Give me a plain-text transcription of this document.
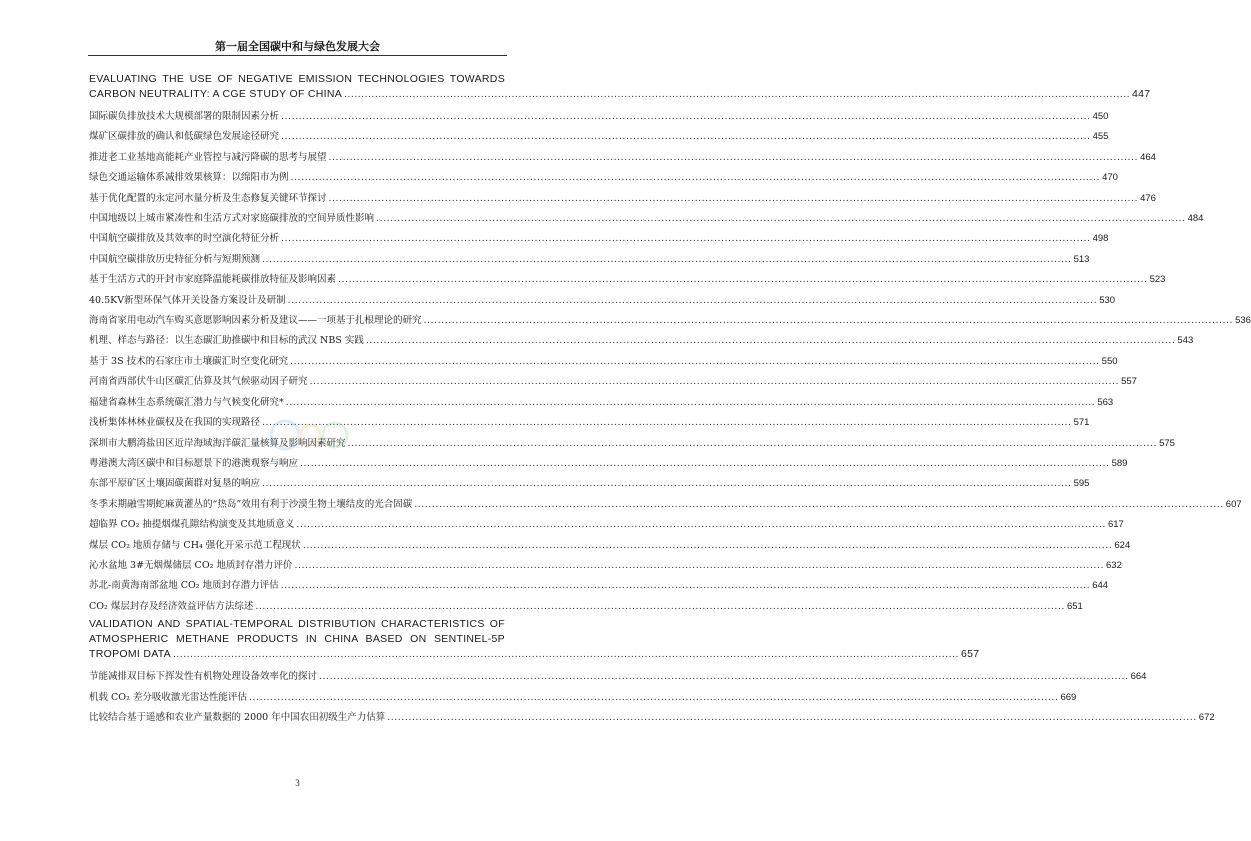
第一届全国碳中和与绿色发展大会
EVALUATING THE USE OF NEGATIVE EMISSION TECHNOLOGIES TOWARDS
CARBON NEUTRALITY: A CGE STUDY OF CHINA .....	447
国际碳负排放技术大规模部署的限制因素分析 .....	450
煤矿区碳排放的确认和低碳绿色发展途径研究 .....	455
推进老工业基地高能耗产业管控与减污降碳的思考与展望 .....	464
绿色交通运输体系减排效果核算：以绵阳市为例 .....	470
基于优化配置的永定河水量分析及生态修复关键环节探讨 .....	476
中国地级以上城市紧凑性和生活方式对家庭碳排放的空间异质性影响 .....	484
中国航空碳排放及其效率的时空演化特征分析 .....	498
中国航空碳排放历史特征分析与短期预测 .....	513
基于生活方式的开封市家庭降温能耗碳排放特征及影响因素 .....	523
40.5KV新型环保气体开关设备方案设计及研制 .....	530
海南省家用电动汽车购买意愿影响因素分析及建议——一项基于扎根理论的研究 .....	536
机理、样态与路径：以生态碳汇助推碳中和目标的武汉 NBS 实践 .....	543
基于 3S 技术的石家庄市土壤碳汇时空变化研究 .....	550
河南省西部伏牛山区碳汇估算及其气候驱动因子研究 .....	557
福建省森林生态系统碳汇潜力与气候变化研究* .....	563
浅析集体林林业碳权及在我国的实现路径 .....	571
深圳市大鹏湾盐田区近岸海域海洋碳汇量核算及影响因素研究 .....	575
粤港澳大湾区碳中和目标愿景下的港澳观察与响应 .....	589
东部平原矿区土壤固碳菌群对复垦的响应 .....	595
冬季末期融雪期蛇麻黄灌丛的“热岛”效用有利于沙漠生物土壤结皮的光合固碳 .....	607
超临界 CO₂ 抽提烟煤孔隙结构演变及其地质意义 .....	617
煤层 CO₂ 地质存储与 CH₄ 强化开采示范工程现状 .....	624
沁水盆地 3#无烟煤储层 CO₂ 地质封存潜力评价 .....	632
苏北-南黄海南部盆地 CO₂ 地质封存潜力评估 .....	644
CO₂ 煤层封存及经济效益评估方法综述 .....	651
VALIDATION AND SPATIAL-TEMPORAL DISTRIBUTION CHARACTERISTICS OF
ATMOSPHERIC METHANE PRODUCTS IN CHINA BASED ON SENTINEL-5P
TROPOMI DATA .....	657
节能减排双目标下挥发性有机物处理设备效率化的探讨 .....	664
机载 CO₂ 差分吸收激光雷达性能评估 .....	669
比较结合基于遥感和农业产量数据的 2000 年中国农田初级生产力估算 .....	672
3
